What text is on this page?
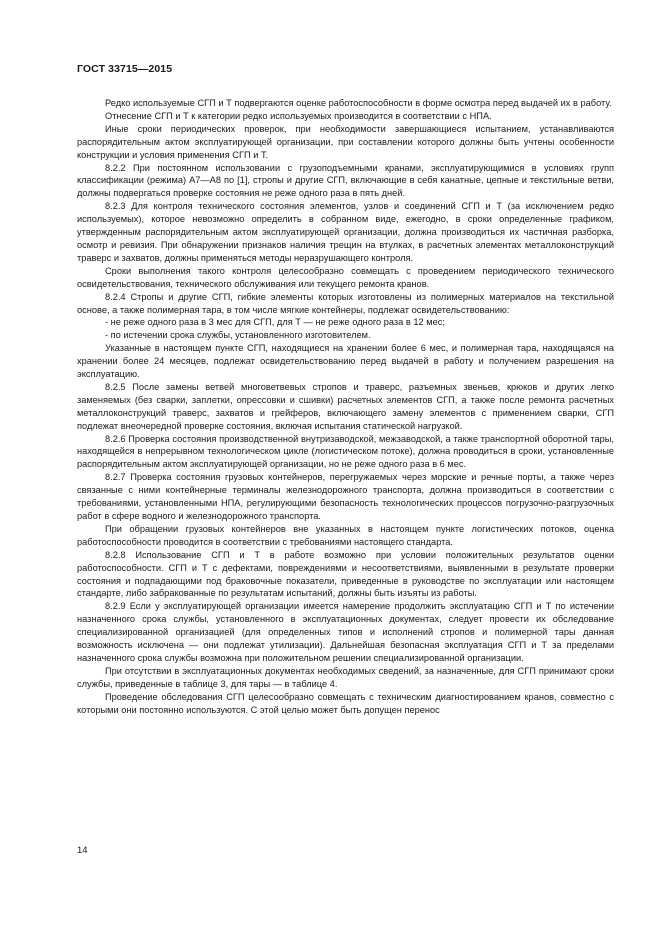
ГОСТ 33715—2015

Редко используемые СГП и Т подвергаются оценке работоспособности в форме осмотра перед выдачей их в работу.

Отнесение СГП и Т к категории редко используемых производится в соответствии с НПА.

Иные сроки периодических проверок, при необходимости завершающиеся испытанием, устанавливаются распорядительным актом эксплуатирующей организации, при составлении которого должны быть учтены особенности конструкции и условия применения СГП и Т.

8.2.2 При постоянном использовании с грузоподъемными кранами, эксплуатирующимися в условиях групп классификации (режима) А7—А8 по [1], стропы и другие СГП, включающие в себя канатные, цепные и текстильные ветви, должны подвергаться проверке состояния не реже одного раза в пять дней.

8.2.3 Для контроля технического состояния элементов, узлов и соединений СГП и Т (за исключением редко используемых), которое невозможно определить в собранном виде, ежегодно, в сроки определенные графиком, утвержденным распорядительным актом эксплуатирующей организации, должна производиться их частичная разборка, осмотр и ревизия. При обнаружении признаков наличия трещин на втулках, в расчетных элементах металлоконструкций траверс и захватов, должны применяться методы неразрушающего контроля.

Сроки выполнения такого контроля целесообразно совмещать с проведением периодического технического освидетельствования, технического обслуживания или текущего ремонта кранов.

8.2.4 Стропы и другие СГП, гибкие элементы которых изготовлены из полимерных материалов на текстильной основе, а также полимерная тара, в том числе мягкие контейнеры, подлежат освидетельствованию:

- не реже одного раза в 3 мес для СГП, для Т — не реже одного раза в 12 мес;

- по истечении срока службы, установленного изготовителем.

Указанные в настоящем пункте СГП, находящиеся на хранении более 6 мес, и полимерная тара, находящаяся на хранении более 24 месяцев, подлежат освидетельствованию перед выдачей в работу и получением разрешения на эксплуатацию.

8.2.5 После замены ветвей многоветвевых стропов и траверс, разъемных звеньев, крюков и других легко заменяемых (без сварки, заплетки, опрессовки и сшивки) расчетных элементов СГП, а также после ремонта расчетных металлоконструкций траверс, захватов и грейферов, включающего замену элементов с применением сварки, СГП подлежат внеочередной проверке состояния, включая испытания статической нагрузкой.

8.2.6 Проверка состояния производственной внутризаводской, межзаводской, а также транспортной оборотной тары, находящейся в непрерывном технологическом цикле (логистическом потоке), должна проводиться в сроки, установленные распорядительным актом эксплуатирующей организации, но не реже одного раза в 6 мес.

8.2.7 Проверка состояния грузовых контейнеров, перегружаемых через морские и речные порты, а также через связанные с ними контейнерные терминалы железнодорожного транспорта, должна производиться в соответствии с требованиями, установленными НПА, регулирующими безопасность технологических процессов погрузочно-разгрузочных работ в сфере водного и железнодорожного транспорта.

При обращении грузовых контейнеров вне указанных в настоящем пункте логистических потоков, оценка работоспособности проводится в соответствии с требованиями настоящего стандарта.

8.2.8 Использование СГП и Т в работе возможно при условии положительных результатов оценки работоспособности. СГП и Т с дефектами, повреждениями и несоответствиями, выявленными в результате проверки состояния и подпадающими под браковочные показатели, приведенные в руководстве по эксплуатации или настоящем стандарте, либо забракованные по результатам испытаний, должны быть изъяты из работы.

8.2.9 Если у эксплуатирующей организации имеется намерение продолжить эксплуатацию СГП и Т по истечении назначенного срока службы, установленного в эксплуатационных документах, следует провести их обследование специализированной организацией (для определенных типов и исполнений стропов и полимерной тары данная возможность исключена — они подлежат утилизации). Дальнейшая безопасная эксплуатация СГП и Т за пределами назначенного срока службы возможна при положительном решении специализированной организации.

При отсутствии в эксплуатационных документах необходимых сведений, за назначенные, для СГП принимают сроки службы, приведенные в таблице 3, для тары — в таблице 4.

Проведение обследования СГП целесообразно совмещать с техническим диагностированием кранов, совместно с которыми они постоянно используются. С этой целью может быть допущен перенос

14
